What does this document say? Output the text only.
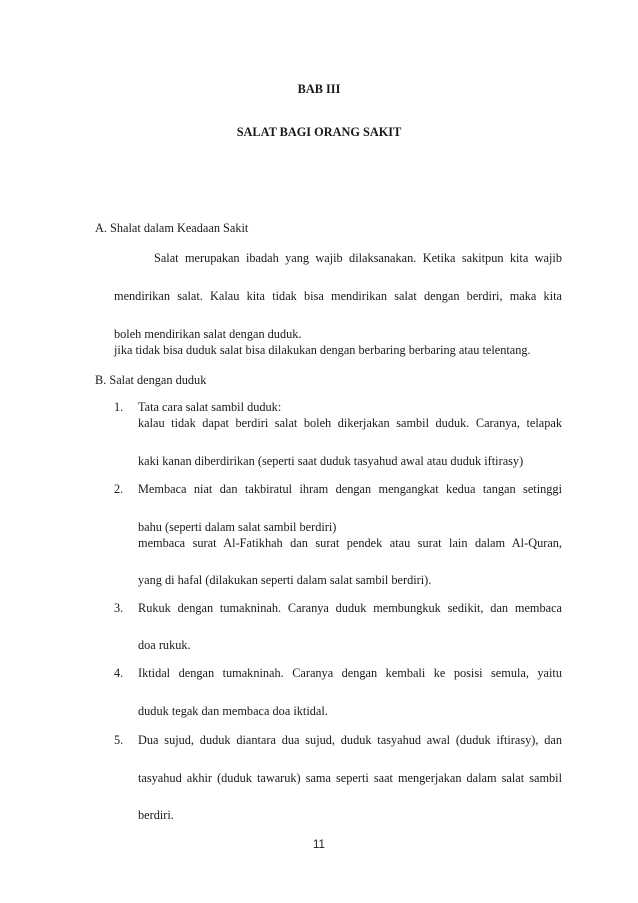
BAB III
SALAT BAGI ORANG SAKIT
A. Shalat dalam Keadaan Sakit
Salat merupakan ibadah yang wajib dilaksanakan. Ketika sakitpun kita wajib
mendirikan salat. Kalau kita tidak bisa mendirikan salat dengan berdiri, maka kita
boleh mendirikan salat dengan duduk.
jika tidak bisa duduk salat bisa dilakukan dengan berbaring berbaring atau telentang.
B. Salat dengan duduk
1. Tata cara salat sambil duduk:
kalau tidak dapat berdiri salat boleh dikerjakan sambil duduk. Caranya, telapak
kaki kanan diberdirikan (seperti saat duduk tasyahud awal atau duduk iftirasy)
2. Membaca niat dan takbiratul ihram dengan mengangkat kedua tangan setinggi
bahu (seperti dalam salat sambil berdiri)
membaca surat Al-Fatikhah dan surat pendek atau surat lain dalam Al-Quran,
yang di hafal (dilakukan seperti dalam salat sambil berdiri).
3. Rukuk dengan tumakninah. Caranya duduk membungkuk sedikit, dan membaca
doa rukuk.
4. Iktidal dengan tumakninah. Caranya dengan kembali ke posisi semula, yaitu
duduk tegak dan membaca doa iktidal.
5. Dua sujud, duduk diantara dua sujud, duduk tasyahud awal (duduk iftirasy), dan
tasyahud akhir (duduk tawaruk) sama seperti saat mengerjakan dalam salat sambil
berdiri.
11
